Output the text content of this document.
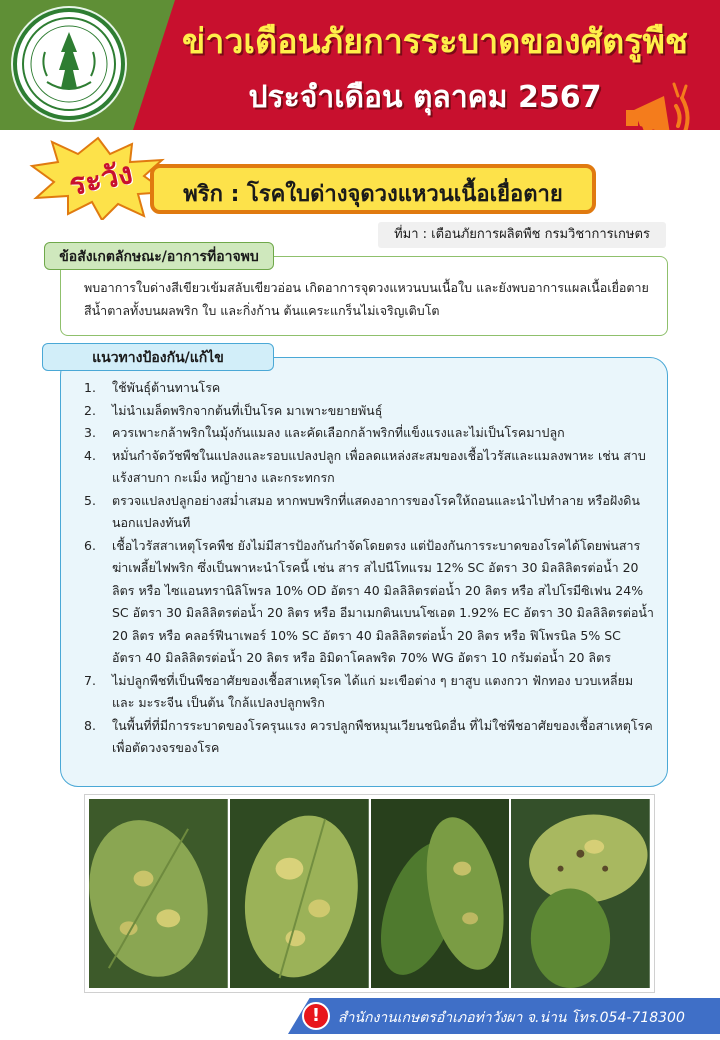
ข่าวเตือนภัยการระบาดของศัตรูพืช
ประจำเดือน ตุลาคม 2567
ระวัง	พริก : โรคใบด่างจุดวงแหวนเนื้อเยื่อตาย
ที่มา : เตือนภัยการผลิตพืช กรมวิชาการเกษตร
ข้อสังเกตลักษณะ/อาการที่อาจพบ
พบอาการใบด่างสีเขียวเข้มสลับเขียวอ่อน เกิดอาการจุดวงแหวนบนเนื้อใบ และยังพบอาการแผลเนื้อเยื่อตายสีน้ำตาลทั้งบนผลพริก ใบ และกิ่งก้าน ต้นแคระแกร็นไม่เจริญเติบโต
แนวทางป้องกัน/แก้ไข
1.	ใช้พันธุ์ต้านทานโรค
2.	ไม่นำเมล็ดพริกจากต้นที่เป็นโรค มาเพาะขยายพันธุ์
3.	ควรเพาะกล้าพริกในมุ้งกันแมลง และคัดเลือกกล้าพริกที่แข็งแรงและไม่เป็นโรคมาปลูก
4.	หมั่นกำจัดวัชพืชในแปลงและรอบแปลงปลูก เพื่อลดแหล่งสะสมของเชื้อไวรัสและแมลงพาหะ เช่น สาบแร้งสาบกา กะเม็ง หญ้ายาง และกระทกรก
5.	ตรวจแปลงปลูกอย่างสม่ำเสมอ หากพบพริกที่แสดงอาการของโรคให้ถอนและนำไปทำลาย หรือฝังดินนอกแปลงทันที
6.	เชื้อไวรัสสาเหตุโรคพืช ยังไม่มีสารป้องกันกำจัดโดยตรง แต่ป้องกันการระบาดของโรคได้โดยพ่นสารฆ่าเพลี้ยไฟพริก ซึ่งเป็นพาหะนำโรคนี้ เช่น สาร สไปนีโทแรม 12% SC อัตรา 30 มิลลิลิตรต่อน้ำ 20 ลิตร หรือ ไซแอนทรานิลิโพรล 10% OD อัตรา 40 มิลลิลิตรต่อน้ำ 20 ลิตร หรือ สไปโรมีซิเฟน 24% SC อัตรา 30 มิลลิลิตรต่อน้ำ 20 ลิตร หรือ อีมาเมกตินเบนโซเอต 1.92% EC อัตรา 30 มิลลิลิตรต่อน้ำ 20 ลิตร หรือ คลอร์ฟีนาเพอร์ 10% SC อัตรา 40 มิลลิลิตรต่อน้ำ 20 ลิตร หรือ ฟิโพรนิล 5% SC อัตรา 40 มิลลิลิตรต่อน้ำ 20 ลิตร หรือ อิมิดาโคลพริด 70% WG อัตรา 10 กรัมต่อน้ำ 20 ลิตร
7.	ไม่ปลูกพืชที่เป็นพืชอาศัยของเชื้อสาเหตุโรค ได้แก่ มะเขือต่าง ๆ ยาสูบ แตงกวา ฟักทอง บวบเหลี่ยม และ มะระจีน เป็นต้น ใกล้แปลงปลูกพริก
8.	ในพื้นที่ที่มีการระบาดของโรครุนแรง ควรปลูกพืชหมุนเวียนชนิดอื่น ที่ไม่ใช่พืชอาศัยของเชื้อสาเหตุโรค เพื่อตัดวงจรของโรค
!	สำนักงานเกษตรอำเภอท่าวังผา จ.น่าน โทร.054-718300
